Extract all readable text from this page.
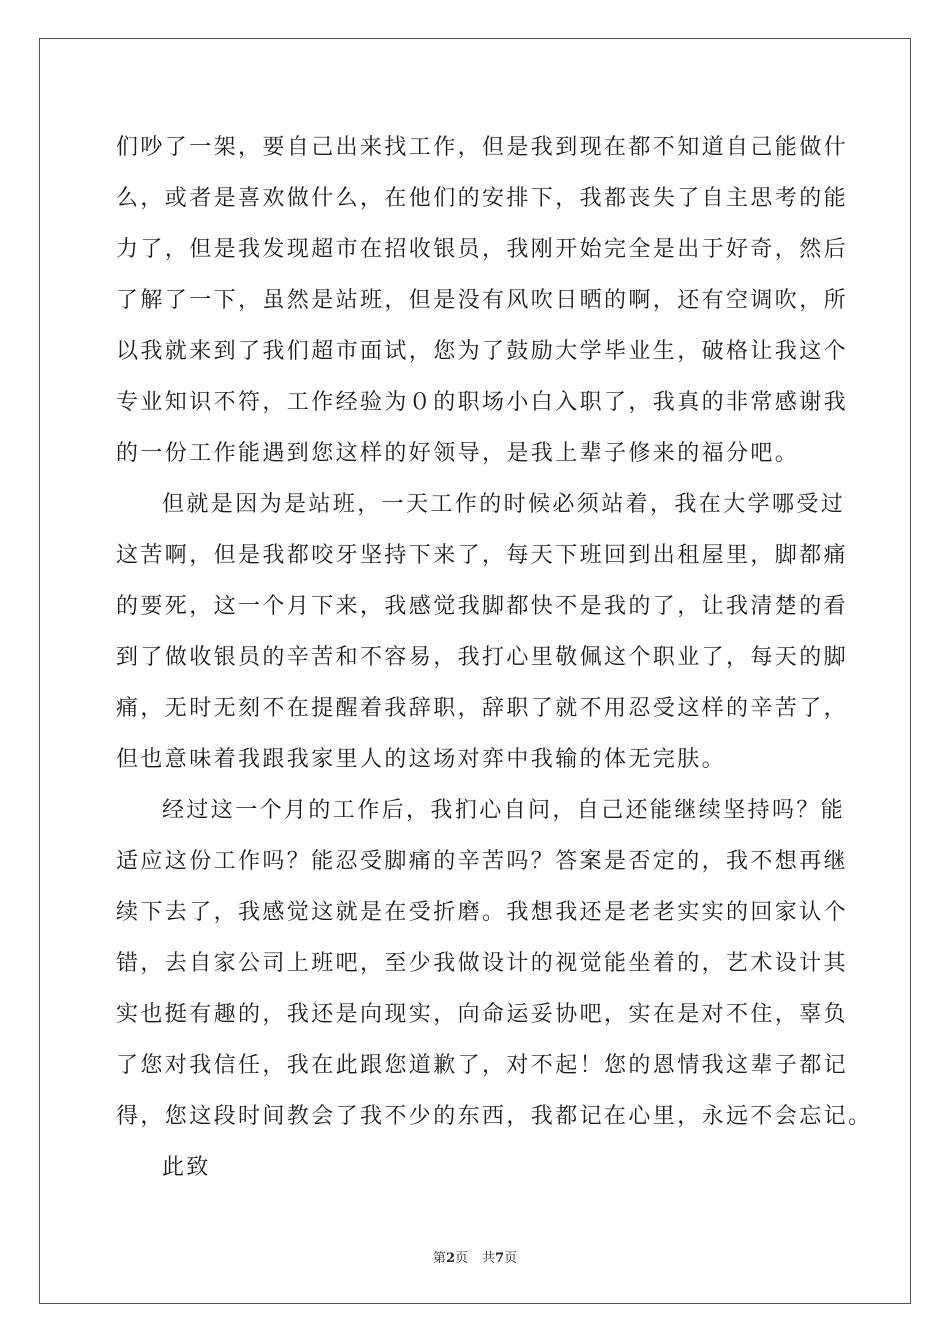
们吵了一架，要自己出来找工作，但是我到现在都不知道自己能做什
么，或者是喜欢做什么，在他们的安排下，我都丧失了自主思考的能
力了，但是我发现超市在招收银员，我刚开始完全是出于好奇，然后
了解了一下，虽然是站班，但是没有风吹日晒的啊，还有空调吹，所
以我就来到了我们超市面试，您为了鼓励大学毕业生，破格让我这个
专业知识不符，工作经验为０的职场小白入职了，我真的非常感谢我
的一份工作能遇到您这样的好领导，是我上辈子修来的福分吧。
但就是因为是站班，一天工作的时候必须站着，我在大学哪受过
这苦啊，但是我都咬牙坚持下来了，每天下班回到出租屋里，脚都痛
的要死，这一个月下来，我感觉我脚都快不是我的了，让我清楚的看
到了做收银员的辛苦和不容易，我打心里敬佩这个职业了，每天的脚
痛，无时无刻不在提醒着我辞职，辞职了就不用忍受这样的辛苦了，
但也意味着我跟我家里人的这场对弈中我输的体无完肤。
经过这一个月的工作后，我扪心自问，自己还能继续坚持吗？能
适应这份工作吗？能忍受脚痛的辛苦吗？答案是否定的，我不想再继
续下去了，我感觉这就是在受折磨。我想我还是老老实实的回家认个
错，去自家公司上班吧，至少我做设计的视觉能坐着的，艺术设计其
实也挺有趣的，我还是向现实，向命运妥协吧，实在是对不住，辜负
了您对我信任，我在此跟您道歉了，对不起！您的恩情我这辈子都记
得，您这段时间教会了我不少的东西，我都记在心里，永远不会忘记。
此致
第2页 共7页
